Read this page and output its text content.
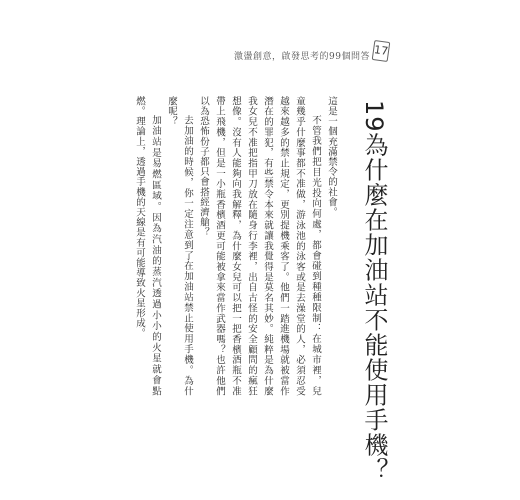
激盪創意，啟發思考的99個問答 17
19為什麼在加油站不能使用手機？

這是一個充滿禁令的社會。

不管我們把目光投向何處，都會碰到種種限制：在城市裡，兒童幾乎什麼事都不准做，游泳池的泳客或是去澡堂的人，必須忍受越來越多的禁止規定，更別提機乘客了。他們一踏進機場就被當作潛在的罪犯，有些禁令本來就讓我覺得是莫名其妙。純粹是為什麼我女兒不准把指甲刀放在隨身行李裡，出自古怪的安全顧問的瘋狂想像。沒有人能夠向我解釋，為什麼女兒可以把一把香檳酒瓶不准帶上飛機，但是一小瓶香檳酒更可能被拿來當作武器嗎？也許他們以為恐怖份子都只會搭經濟艙？

去加油的時候，你一定注意到了在加油站禁止使用手機。為什麼呢？

加油站是易燃區域。因為汽油的蒸汽透過小小的火星就會點燃。理論上，透過手機的天線是有可能導致火星形成。
